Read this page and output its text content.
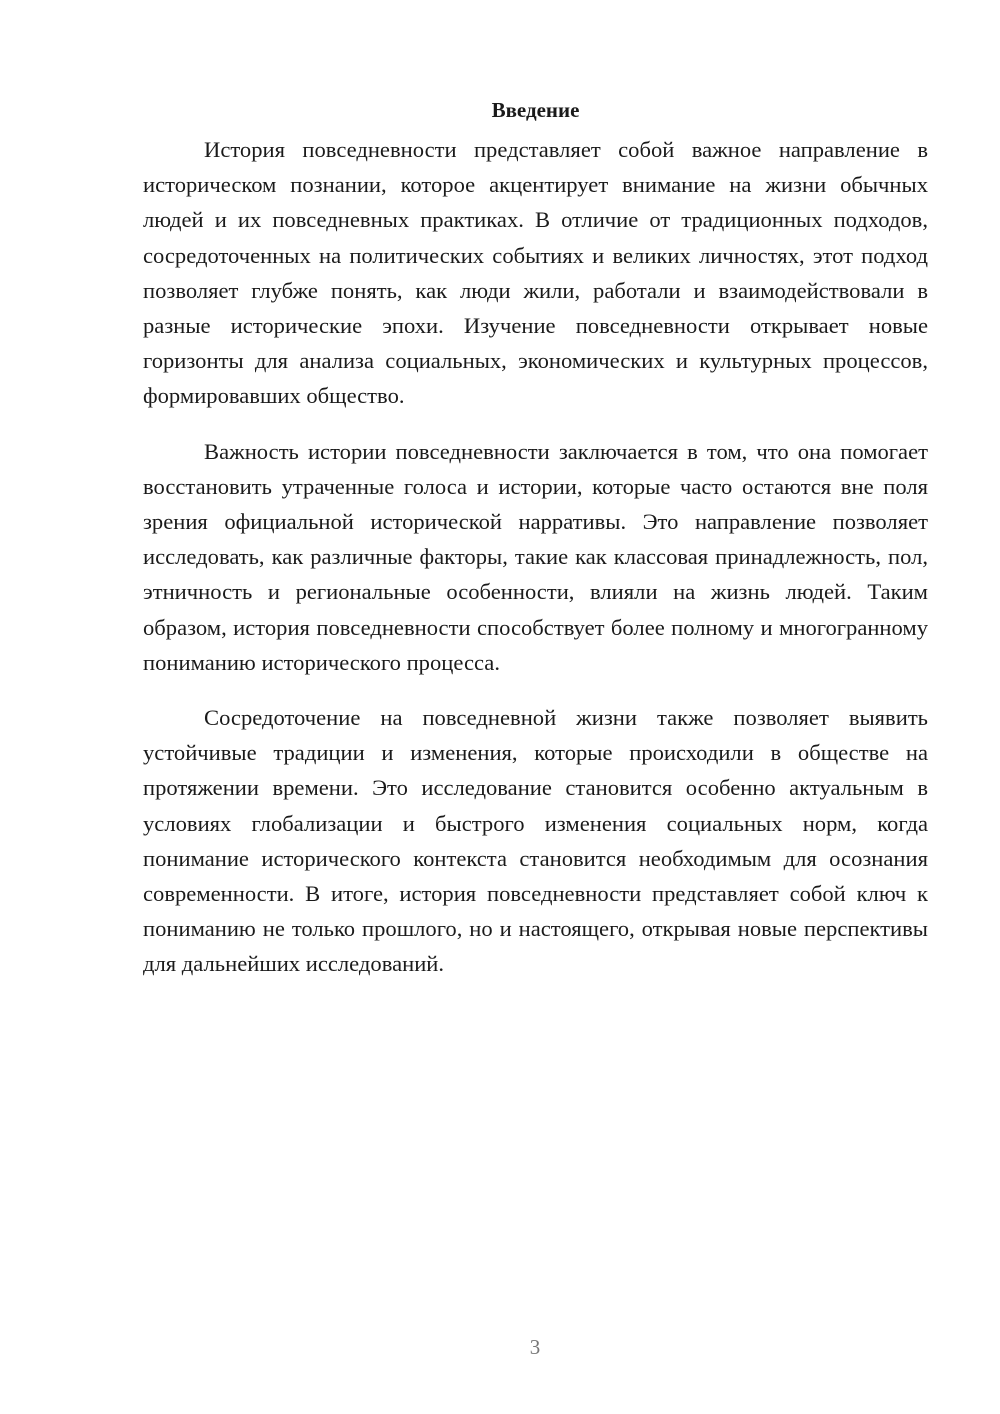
Введение

История повседневности представляет собой важное направление в историческом познании, которое акцентирует внимание на жизни обычных людей и их повседневных практиках. В отличие от традиционных подходов, сосредоточенных на политических событиях и великих личностях, этот подход позволяет глубже понять, как люди жили, работали и взаимодействовали в разные исторические эпохи. Изучение повседневности открывает новые горизонты для анализа социальных, экономических и культурных процессов, формировавших общество.

Важность истории повседневности заключается в том, что она помогает восстановить утраченные голоса и истории, которые часто остаются вне поля зрения официальной исторической нарративы. Это направление позволяет исследовать, как различные факторы, такие как классовая принадлежность, пол, этничность и региональные особенности, влияли на жизнь людей. Таким образом, история повседневности способствует более полному и многогранному пониманию исторического процесса.

Сосредоточение на повседневной жизни также позволяет выявить устойчивые традиции и изменения, которые происходили в обществе на протяжении времени. Это исследование становится особенно актуальным в условиях глобализации и быстрого изменения социальных норм, когда понимание исторического контекста становится необходимым для осознания современности. В итоге, история повседневности представляет собой ключ к пониманию не только прошлого, но и настоящего, открывая новые перспективы для дальнейших исследований.

3
